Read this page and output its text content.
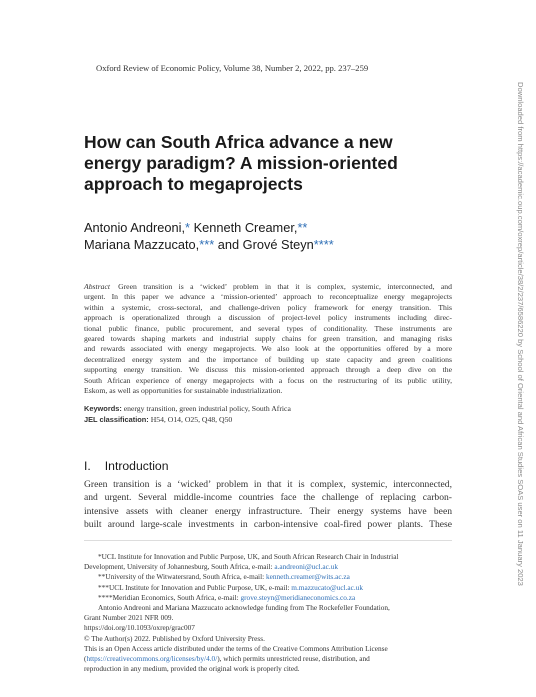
Oxford Review of Economic Policy, Volume 38, Number 2, 2022, pp. 237–259
How can South Africa advance a new
energy paradigm? A mission-oriented
approach to megaprojects
Antonio Andreoni,* Kenneth Creamer,**
Mariana Mazzucato,*** and Grové Steyn****
Abstract Green transition is a ‘wicked’ problem in that it is complex, systemic, interconnected, and
urgent. In this paper we advance a ‘mission-oriented’ approach to reconceptualize energy megaprojects
within a systemic, cross-sectoral, and challenge-driven policy framework for energy transition. This
approach is operationalized through a discussion of project-level policy instruments including direc-
tional public finance, public procurement, and several types of conditionality. These instruments are
geared towards shaping markets and industrial supply chains for green transition, and managing risks
and rewards associated with energy megaprojects. We also look at the opportunities offered by a more
decentralized energy system and the importance of building up state capacity and green coalitions
supporting energy transition. We discuss this mission-oriented approach through a deep dive on the
South African experience of energy megaprojects with a focus on the restructuring of its public utility,
Eskom, as well as opportunities for sustainable industrialization.
Keywords: energy transition, green industrial policy, South Africa
JEL classification: H54, O14, O25, Q48, Q50
I. Introduction
Green transition is a ‘wicked’ problem in that it is complex, systemic, interconnected,
and urgent. Several middle-income countries face the challenge of replacing carbon-
intensive assets with cleaner energy infrastructure. Their energy systems have been
built around large-scale investments in carbon-intensive coal-fired power plants. These
*UCL Institute for Innovation and Public Purpose, UK, and South African Research Chair in Industrial
Development, University of Johannesburg, South Africa, e-mail: a.andreoni@ucl.ac.uk
**University of the Witwatersrand, South Africa, e-mail: kenneth.creamer@wits.ac.za
***UCL Institute for Innovation and Public Purpose, UK, e-mail: m.mazzucato@ucl.ac.uk
****Meridian Economics, South Africa, e-mail: grove.steyn@meridianeconomics.co.za
Antonio Andreoni and Mariana Mazzucato acknowledge funding from The Rockefeller Foundation,
Grant Number 2021 NFR 009.
https://doi.org/10.1093/oxrep/grac007
© The Author(s) 2022. Published by Oxford University Press.
This is an Open Access article distributed under the terms of the Creative Commons Attribution License
(https://creativecommons.org/licenses/by/4.0/), which permits unrestricted reuse, distribution, and
reproduction in any medium, provided the original work is properly cited.
Downloaded from https://academic.oup.com/oxrep/article/38/2/237/6586220 by School of Oriental and African Studies SOAS user on 11 January 2023
